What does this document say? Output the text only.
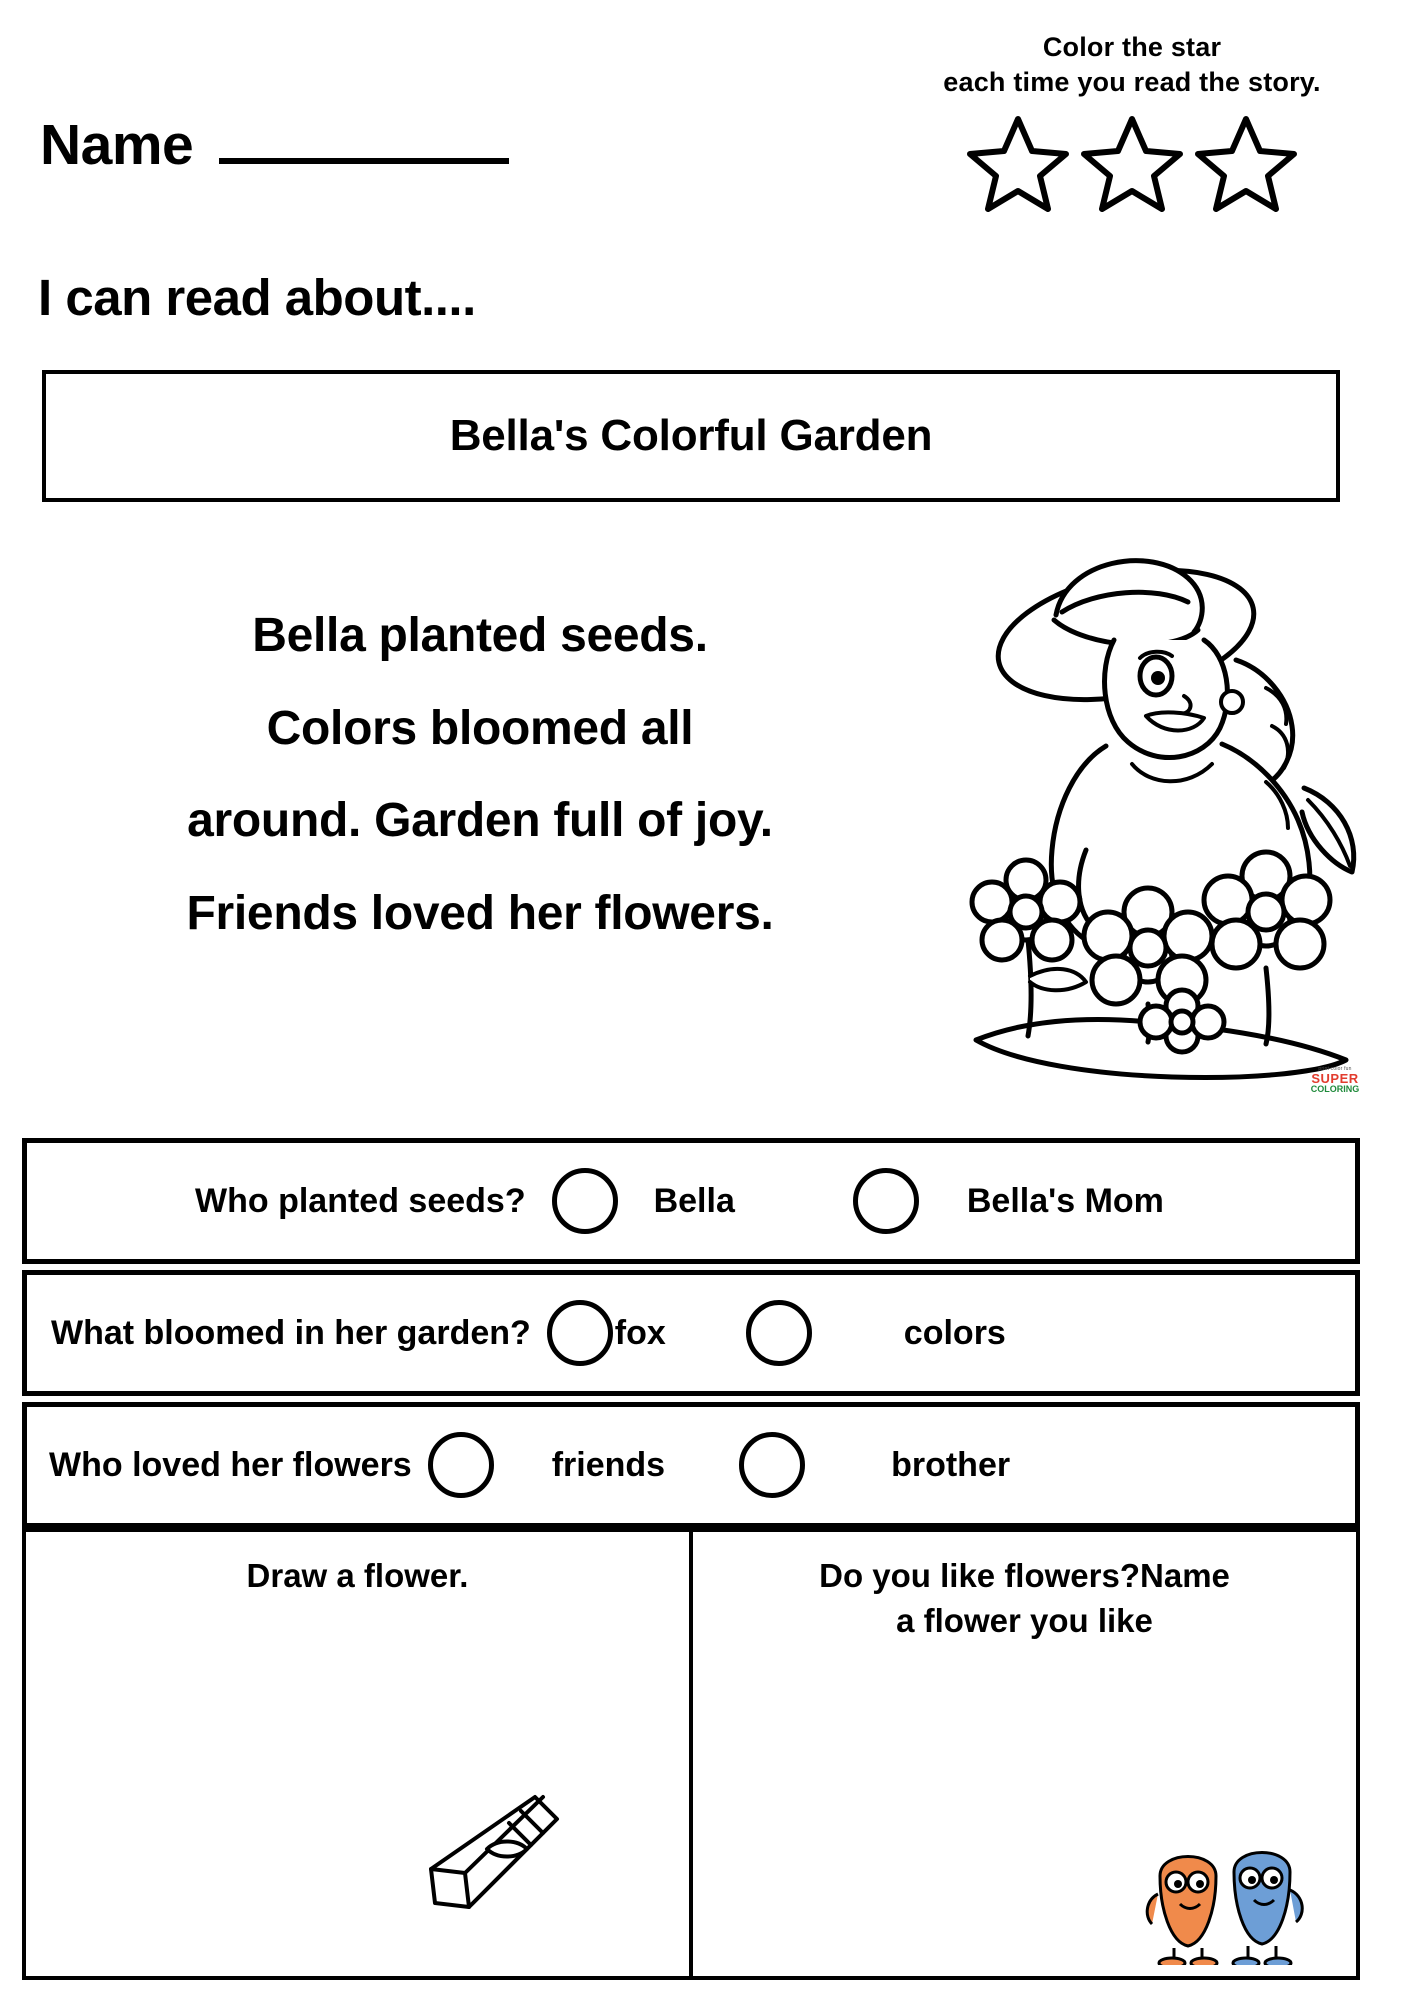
Color the star
each time you read the story.
Name
I can read about....
Bella's Colorful Garden
Bella planted seeds.
Colors bloomed all
around. Garden full of joy.
Friends loved her flowers.
print color fun
SUPER
COLORING
Who planted seeds?	Bella	Bella's Mom
What bloomed in her garden? fox	colors
Who loved her flowers	friends	brother
Draw a flower.	Do you like flowers?Name
a flower you like
